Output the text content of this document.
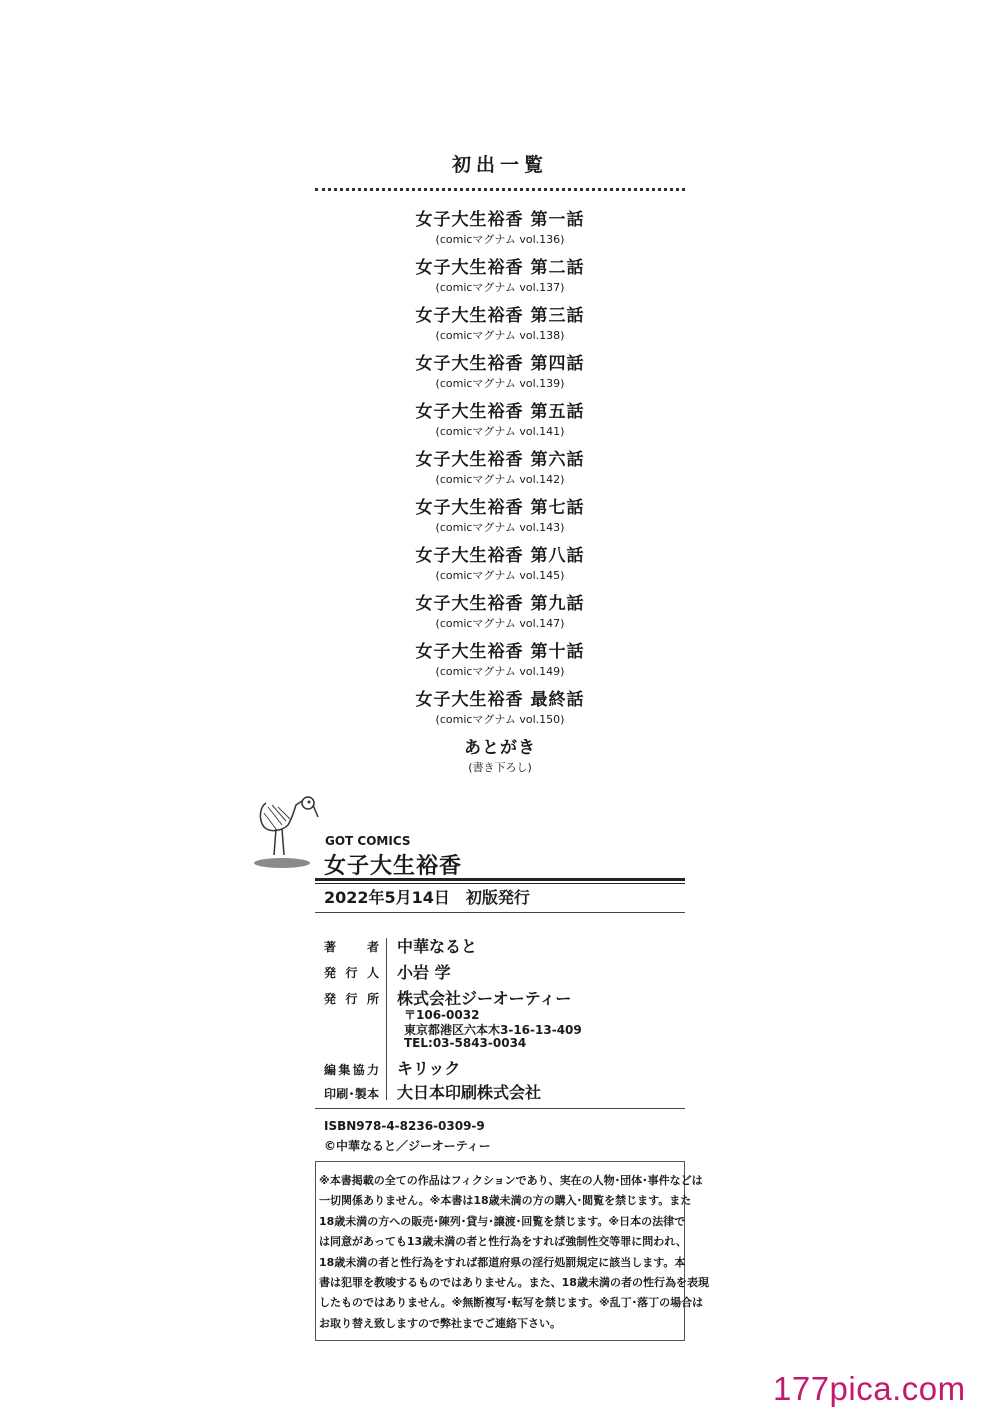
初出一覧
女子大生裕香 第一話
(comicマグナム vol.136)
女子大生裕香 第二話
(comicマグナム vol.137)
女子大生裕香 第三話
(comicマグナム vol.138)
女子大生裕香 第四話
(comicマグナム vol.139)
女子大生裕香 第五話
(comicマグナム vol.141)
女子大生裕香 第六話
(comicマグナム vol.142)
女子大生裕香 第七話
(comicマグナム vol.143)
女子大生裕香 第八話
(comicマグナム vol.145)
女子大生裕香 第九話
(comicマグナム vol.147)
女子大生裕香 第十話
(comicマグナム vol.149)
女子大生裕香 最終話
(comicマグナム vol.150)
あとがき
(書き下ろし)
GOT COMICS
女子大生裕香
2022年5月14日　初版発行
著者 中華なると
発行人 小岩 学
発行所 株式会社ジーオーティー
〒106-0032
東京都港区六本木3-16-13-409
TEL:03-5843-0034
編集協力 キリック
印刷･製本 大日本印刷株式会社
ISBN978-4-8236-0309-9
©中華なると／ジーオーティー
※本書掲載の全ての作品はフィクションであり、実在の人物･団体･事件などは
一切関係ありません。※本書は18歳未満の方の購入･閲覧を禁じます。また
18歳未満の方への販売･陳列･貸与･譲渡･回覧を禁じます。※日本の法律で
は同意があっても13歳未満の者と性行為をすれば強制性交等罪に問われ、
18歳未満の者と性行為をすれば都道府県の淫行処罰規定に該当します。本
書は犯罪を教唆するものではありません。また、18歳未満の者の性行為を表現
したものではありません。※無断複写･転写を禁じます。※乱丁･落丁の場合は
お取り替え致しますので弊社までご連絡下さい。
177pica.com
